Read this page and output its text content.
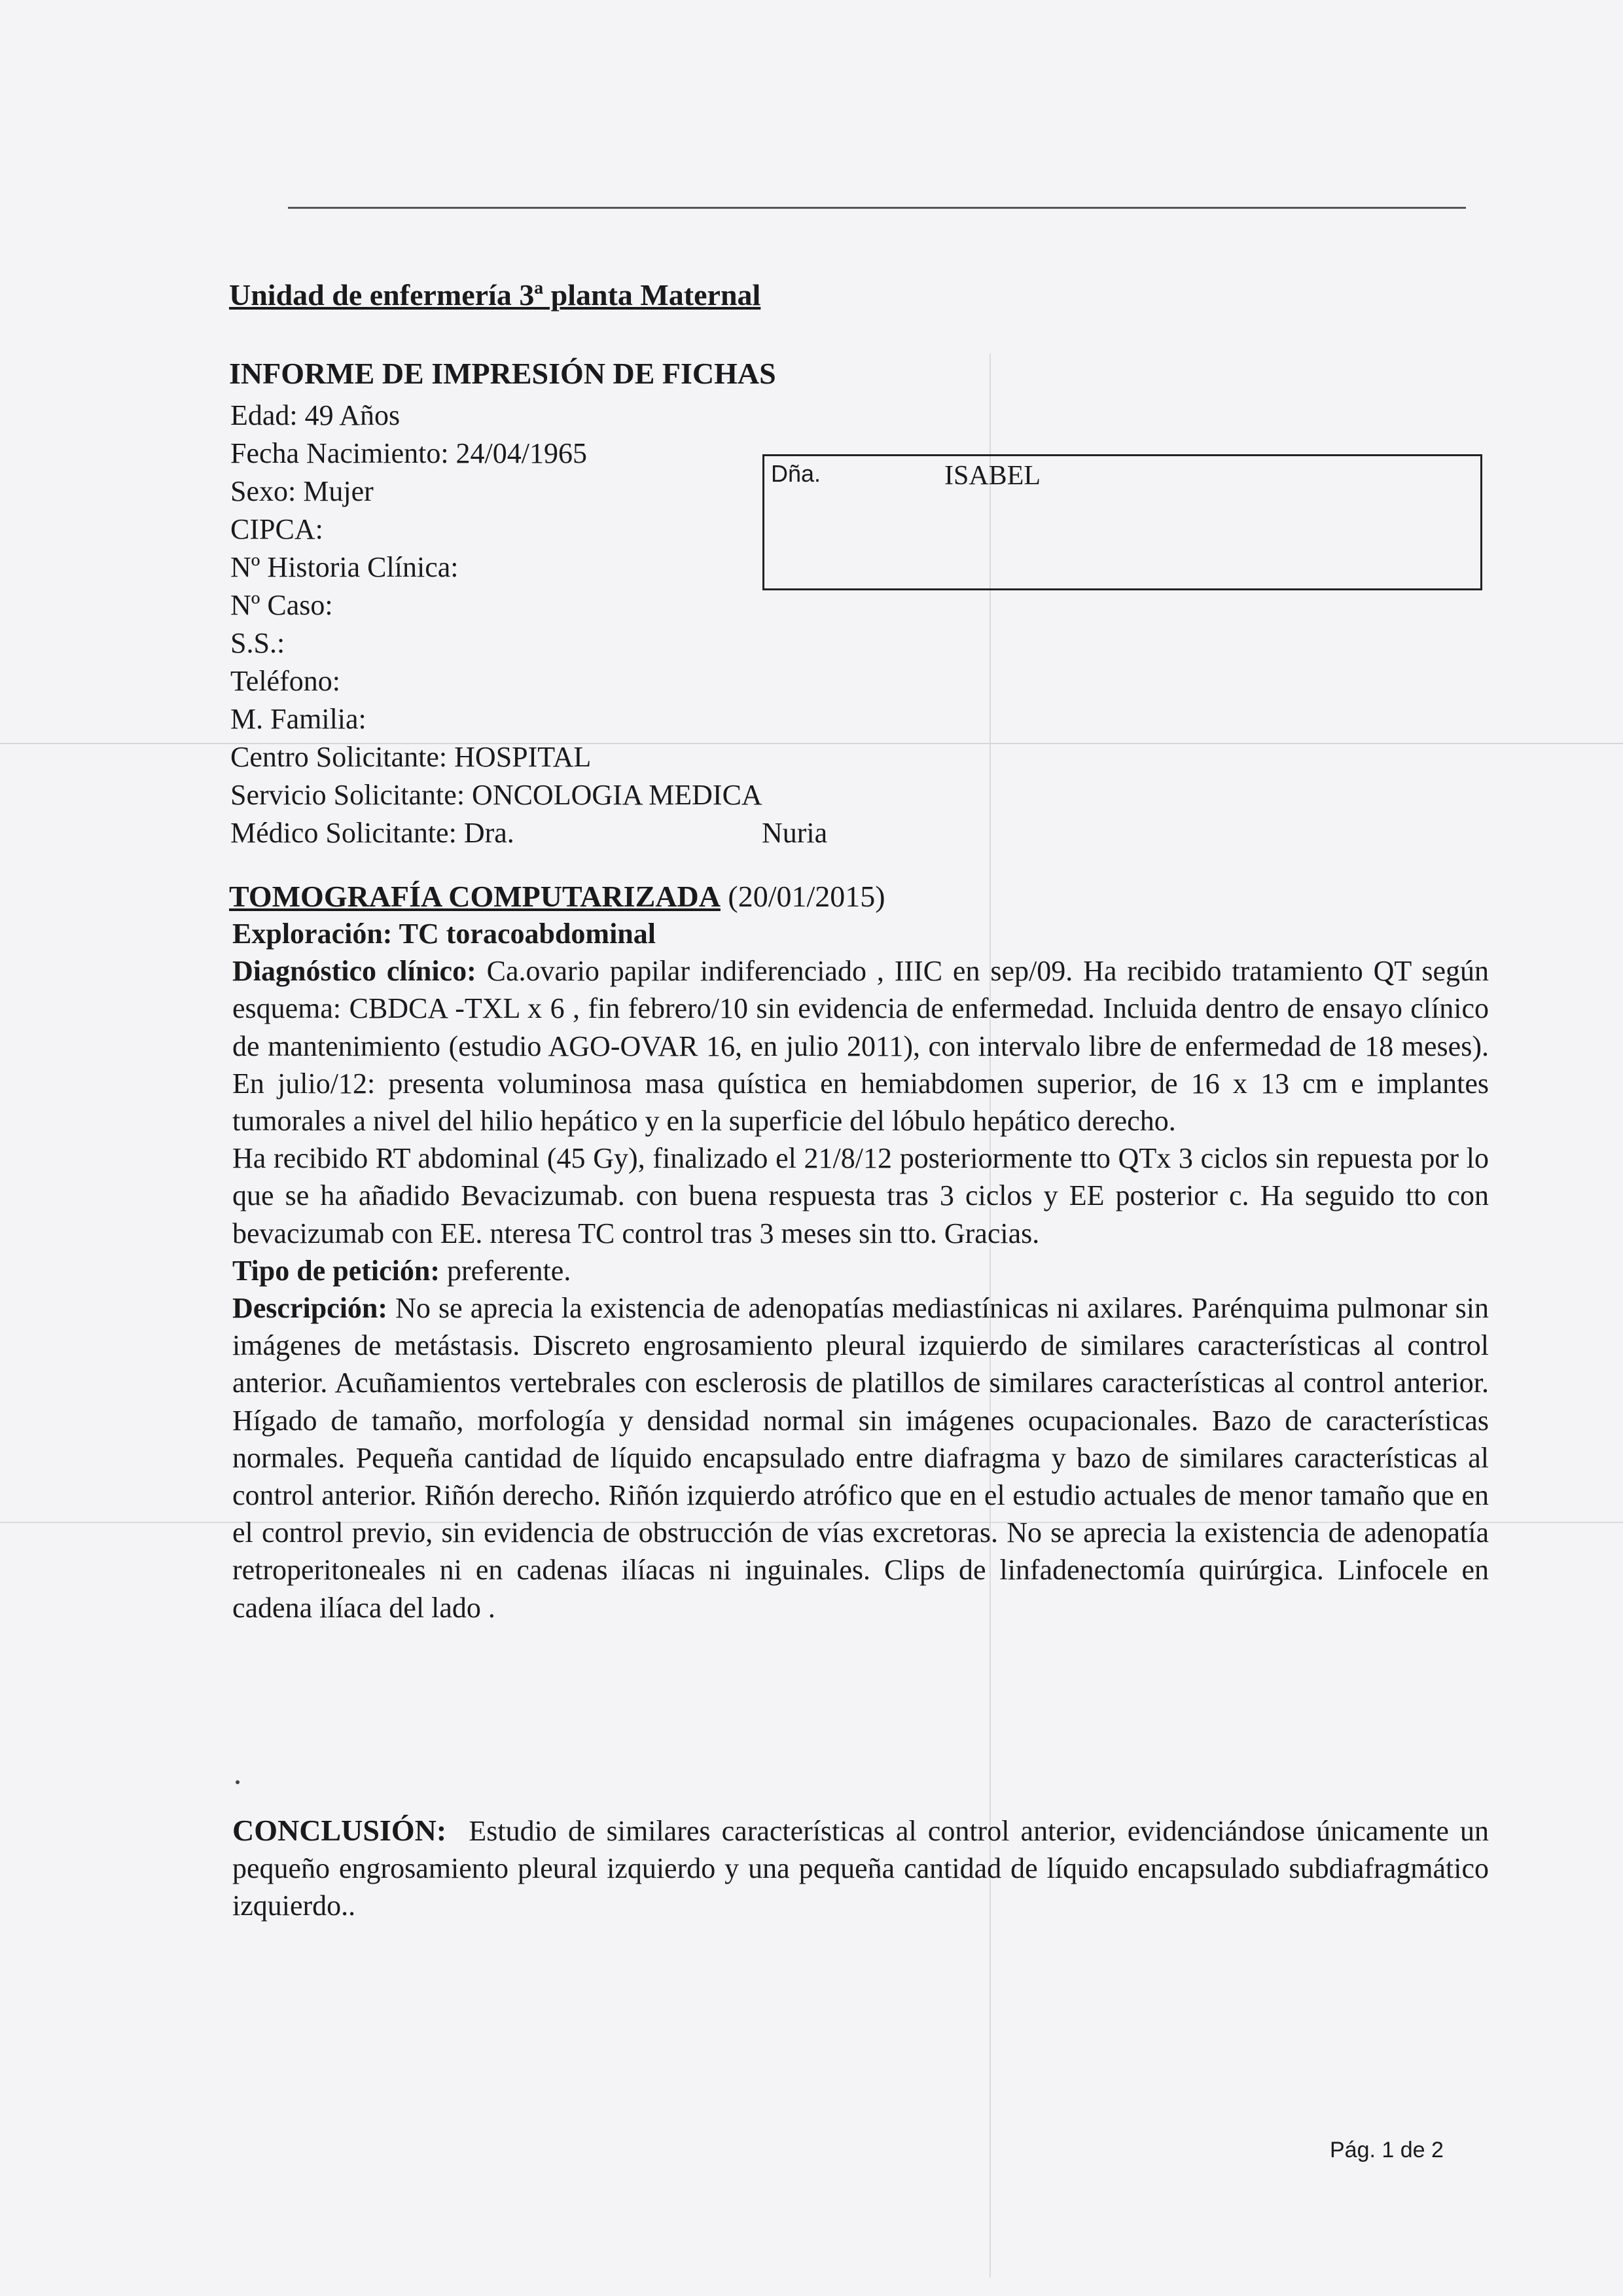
Unidad de enfermería 3ª planta Maternal
INFORME DE IMPRESIÓN DE FICHAS
Edad: 49 Años
Fecha Nacimiento: 24/04/1965
Sexo: Mujer
CIPCA:
Nº Historia Clínica:
Nº Caso:
S.S.:
Teléfono:
M. Familia:
Centro Solicitante: HOSPITAL
Servicio Solicitante: ONCOLOGIA MEDICA
Médico Solicitante: Dra.	Nuria
Dña.	ISABEL
TOMOGRAFÍA COMPUTARIZADA (20/01/2015)

Exploración: TC toracoabdominal

Diagnóstico clínico: Ca.ovario papilar indiferenciado , IIIC en sep/09. Ha recibido tratamiento QT según esquema: CBDCA -TXL x 6 , fin febrero/10 sin evidencia de enfermedad. Incluida dentro de ensayo clínico de mantenimiento (estudio AGO-OVAR 16, en julio 2011), con intervalo libre de enfermedad de 18 meses). En julio/12: presenta voluminosa masa quística en hemiabdomen superior, de 16 x 13 cm e implantes tumorales a nivel del hilio hepático y en la superficie del lóbulo hepático derecho.

Ha recibido RT abdominal (45 Gy), finalizado el 21/8/12 posteriormente tto QTx 3 ciclos sin repuesta por lo que se ha añadido Bevacizumab. con buena respuesta tras 3 ciclos y EE posterior c. Ha seguido tto con bevacizumab con EE. nteresa TC control tras 3 meses sin tto. Gracias.

Tipo de petición: preferente.

Descripción: No se aprecia la existencia de adenopatías mediastínicas ni axilares. Parénquima pulmonar sin imágenes de metástasis. Discreto engrosamiento pleural izquierdo de similares características al control anterior. Acuñamientos vertebrales con esclerosis de platillos de similares características al control anterior. Hígado de tamaño, morfología y densidad normal sin imágenes ocupacionales. Bazo de características normales. Pequeña cantidad de líquido encapsulado entre diafragma y bazo de similares características al control anterior. Riñón derecho. Riñón izquierdo atrófico que en el estudio actuales de menor tamaño que en el control previo, sin evidencia de obstrucción de vías excretoras. No se aprecia la existencia de adenopatía retroperitoneales ni en cadenas ilíacas ni inguinales. Clips de linfadenectomía quirúrgica. Linfocele en cadena ilíaca del lado .

CONCLUSIÓN: Estudio de similares características al control anterior, evidenciándose únicamente un pequeño engrosamiento pleural izquierdo y una pequeña cantidad de líquido encapsulado subdiafragmático izquierdo..
Pág. 1 de 2
